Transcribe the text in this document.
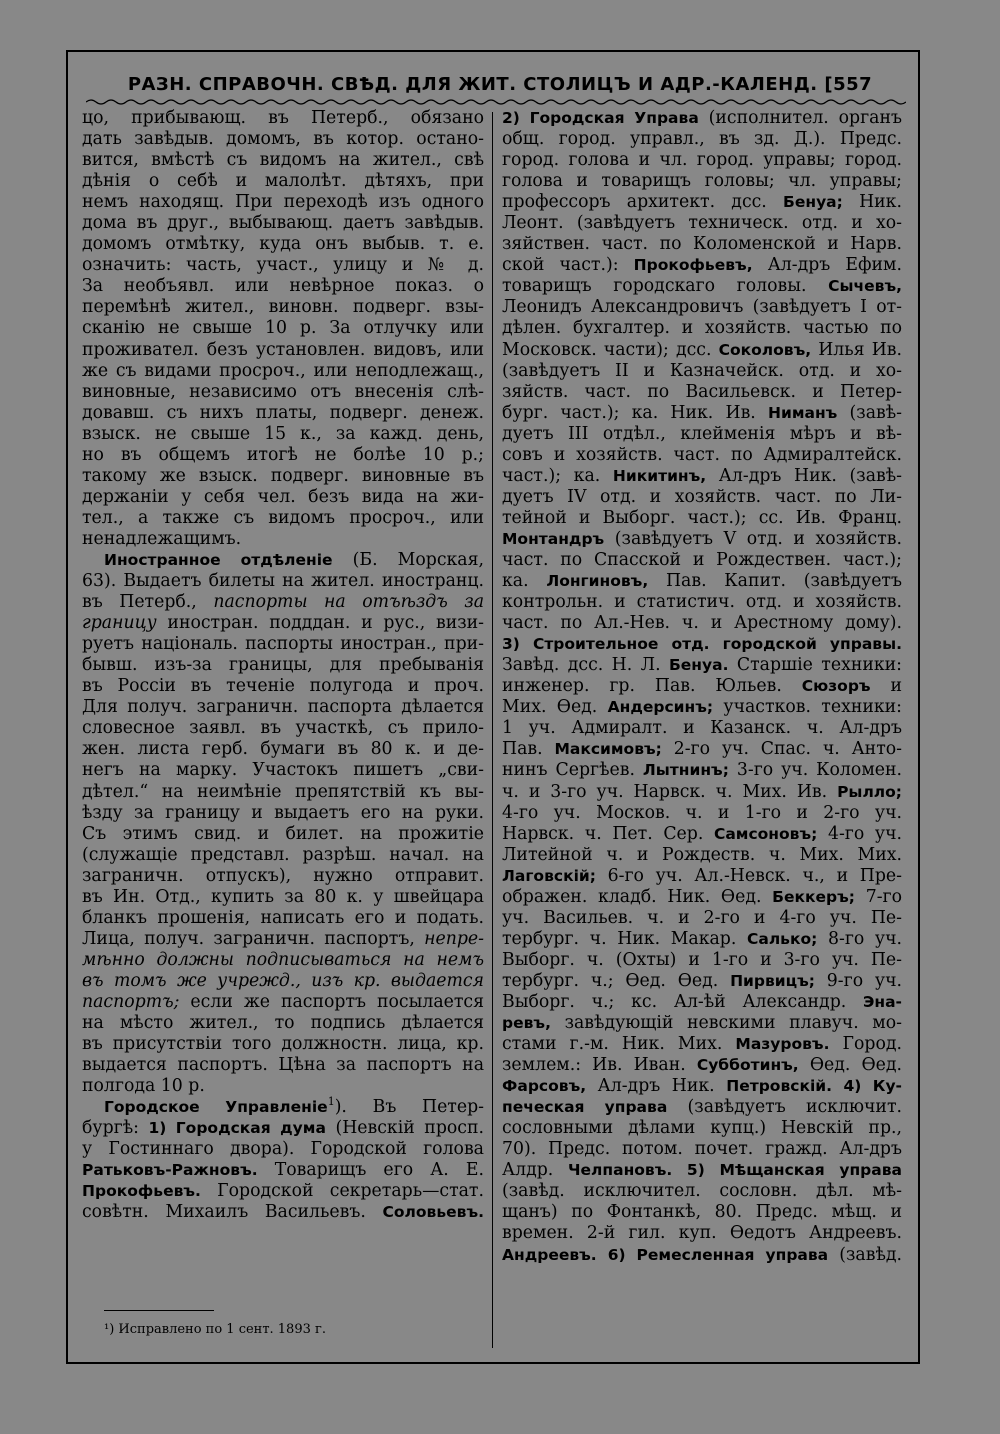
РАЗН. СПРАВОЧН. СВѢД. ДЛЯ ЖИТ. СТОЛИЦЪ И АДР.-КАЛЕНД. [557
цо, прибывающ. въ Петерб., обязано
дать завѣдыв. домомъ, въ котор. остано-
вится, вмѣстѣ съ видомъ на жител., свѣ
дѣнія о себѣ и малолѣт. дѣтяхъ, при
немъ находящ. При переходѣ изъ одного
дома въ друг., выбывающ. даетъ завѣдыв.
домомъ отмѣтку, куда онъ выбыв. т. е.
означить: часть, участ., улицу и № д.
За необъявл. или невѣрное показ. о
перемѣнѣ жител., виновн. подверг. взы-
сканію не свыше 10 р. За отлучку или
проживател. безъ установлен. видовъ, или
же съ видами просроч., или неподлежащ.,
виновные, независимо отъ внесенія слѣ-
довавш. съ нихъ платы, подверг. денеж.
взыск. не свыше 15 к., за кажд. день,
но въ общемъ итогѣ не болѣе 10 р.;
такому же взыск. подверг. виновные въ
держаніи у себя чел. безъ вида на жи-
тел., а также съ видомъ просроч., или
ненадлежащимъ.
Иностранное отдѣленіе (Б. Морская,
63). Выдаетъ билеты на жител. иностранц.
въ Петерб., паспорты на отъѣздъ за
границу иностран. подддан. и рус., визи-
руетъ національ. паспорты иностран., при-
бывш. изъ-за границы, для пребыванія
въ Россіи въ теченіе полугода и проч.
Для получ. заграничн. паспорта дѣлается
словесное заявл. въ участкѣ, съ прило-
жен. листа герб. бумаги въ 80 к. и де-
негъ на марку. Участокъ пишетъ „сви-
дѣтел.“ на неимѣніе препятствій къ вы-
ѣзду за границу и выдаетъ его на руки.
Съ этимъ свид. и билет. на прожитіе
(служащіе представл. разрѣш. начал. на
заграничн. отпускъ), нужно отправит.
въ Ин. Отд., купить за 80 к. у швейцара
бланкъ прошенія, написать его и подать.
Лица, получ. заграничн. паспортъ, непре-
мѣнно должны подписываться на немъ
въ томъ же учрежд., изъ кр. выдается
паспортъ; если же паспортъ посылается
на мѣсто жител., то подпись дѣлается
въ присутствіи того должностн. лица, кр.
выдается паспортъ. Цѣна за паспортъ на
полгода 10 р.
Городское Управленіе$^1$). Въ Петер-
бургѣ: 1) Городская дума (Невскій просп.
у Гостиннаго двора). Городской голова
Ратьковъ-Ражновъ. Товарищъ его А. Е.
Прокофьевъ. Городской секретарь—стат.
совѣтн. Михаилъ Васильевъ. Соловьевъ.
¹) Исправлено по 1 сент. 1893 г.
2) Городская Управа (исполнител. органъ
общ. город. управл., въ зд. Д.). Предс.
город. голова и чл. город. управы; город.
голова и товарищъ головы; чл. управы;
профессоръ архитект. дсс. Бенуа; Ник.
Леонт. (завѣдуетъ техническ. отд. и хо-
зяйствен. част. по Коломенской и Нарв.
ской част.): Прокофьевъ, Ал-дръ Ефим.
товарищъ городскаго головы. Сычевъ,
Леонидъ Александровичъ (завѣдуетъ І от-
дѣлен. бухгалтер. и хозяйств. частью по
Московск. части); дсс. Соколовъ, Илья Ив.
(завѣдуетъ II и Казначейск. отд. и хо-
зяйств. част. по Васильевск. и Петер-
бург. част.); ка. Ник. Ив. Ниманъ (завѣ-
дуетъ III отдѣл., клейменія мѣръ и вѣ-
совъ и хозяйств. част. по Адмиралтейск.
част.); ка. Никитинъ, Ал-дръ Ник. (завѣ-
дуетъ IV отд. и хозяйств. част. по Ли-
тейной и Выборг. част.); сс. Ив. Франц.
Монтандръ (завѣдуетъ V отд. и хозяйств.
част. по Спасской и Рождествен. част.);
ка. Лонгиновъ, Пав. Капит. (завѣдуетъ
контрольн. и статистич. отд. и хозяйств.
част. по Ал.-Нев. ч. и Арестному дому).
3) Строительное отд. городской управы.
Завѣд. дсс. Н. Л. Бенуа. Старшіе техники:
инженер. гр. Пав. Юльев. Сюзоръ и
Мих. Ѳед. Андерсинъ; участков. техники:
1 уч. Адмиралт. и Казанск. ч. Ал-дръ
Пав. Максимовъ; 2-го уч. Спас. ч. Анто-
нинъ Сергѣев. Лытнинъ; 3-го уч. Коломен.
ч. и 3-го уч. Нарвск. ч. Мих. Ив. Рылло;
4-го уч. Москов. ч. и 1-го и 2-го уч.
Нарвск. ч. Пет. Сер. Самсоновъ; 4-го уч.
Литейной ч. и Рождеств. ч. Мих. Мих.
Лаговскій; 6-го уч. Ал.-Невск. ч., и Пре-
ображен. кладб. Ник. Ѳед. Беккеръ; 7-го
уч. Васильев. ч. и 2-го и 4-го уч. Пе-
тербург. ч. Ник. Макар. Салько; 8-го уч.
Выборг. ч. (Охты) и 1-го и 3-го уч. Пе-
тербург. ч.; Ѳед. Ѳед. Пирвицъ; 9-го уч.
Выборг. ч.; кс. Ал-ѣй Александр. Эна-
ревъ, завѣдующій невскими плавуч. мо-
стами г.-м. Ник. Мих. Мазуровъ. Город.
землем.: Ив. Иван. Субботинъ, Ѳед. Ѳед.
Фарсовъ, Ал-дръ Ник. Петровскій. 4) Ку-
печеская управа (завѣдуетъ исключит.
сословными дѣлами купц.) Невскій пр.,
70). Предс. потом. почет. гражд. Ал-дръ
Алдр. Челпановъ. 5) Мѣщанская управа
(завѣд. исключител. сословн. дѣл. мѣ-
щанъ) по Фонтанкѣ, 80. Предс. мѣщ. и
времен. 2-й гил. куп. Ѳедотъ Андреевъ.
Андреевъ. 6) Ремесленная управа (завѣд.
